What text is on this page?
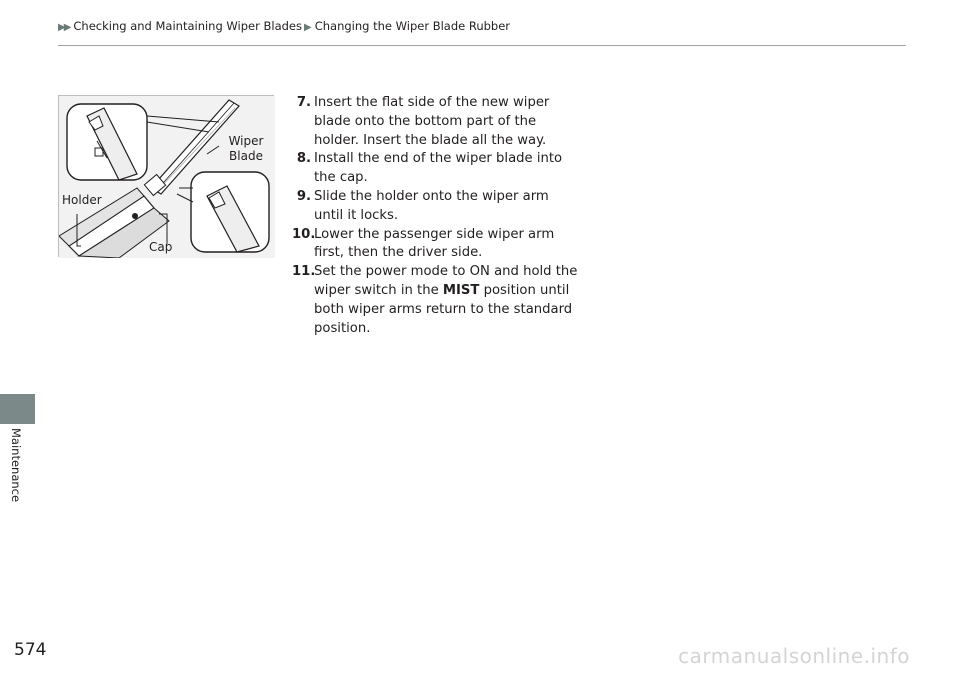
▶▶ Checking and Maintaining Wiper Blades ▶ Changing the Wiper Blade Rubber
Maintenance
Wiper
Blade
Holder
Cap
7. Insert the flat side of the new wiper blade onto the bottom part of the holder. Insert the blade all the way.
8. Install the end of the wiper blade into the cap.
9. Slide the holder onto the wiper arm until it locks.
10.
Lower the passenger side wiper arm first, then the driver side.
11.
Set the power mode to ON and hold the wiper switch in the MIST position until both wiper arms return to the standard position.
574	carmanualsonline.info
